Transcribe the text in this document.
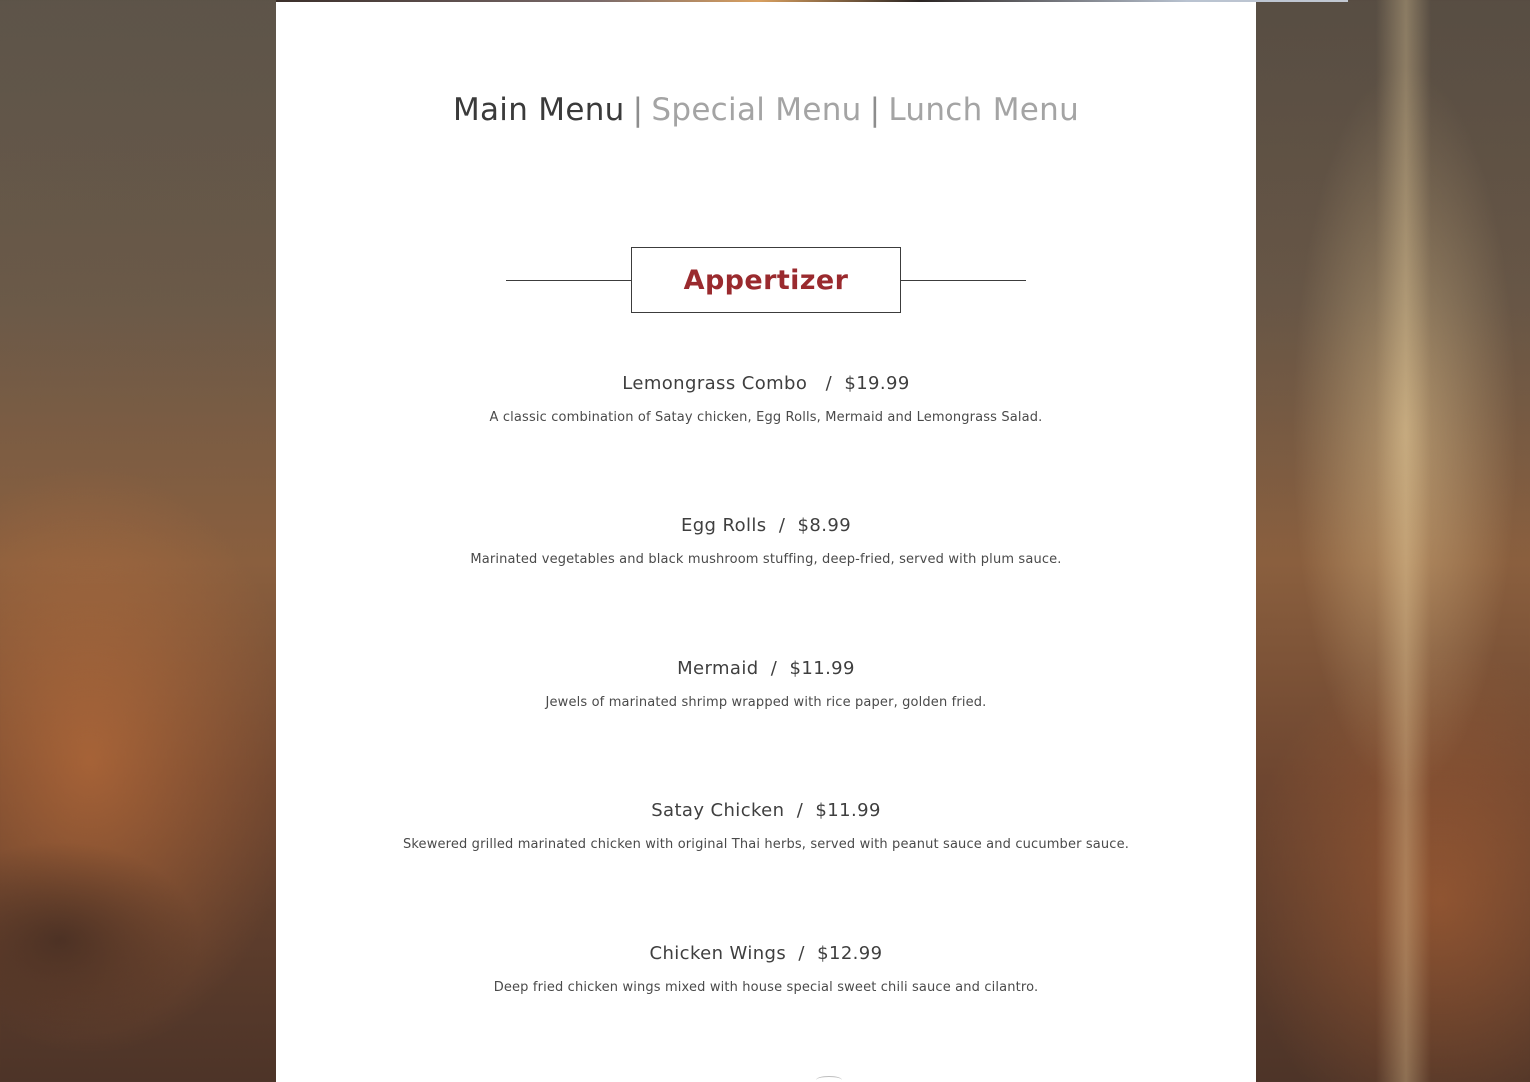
Main Menu | Special Menu | Lunch Menu
Appertizer
Lemongrass Combo   /  $19.99
A classic combination of Satay chicken, Egg Rolls, Mermaid and Lemongrass Salad.
Egg Rolls  /  $8.99
Marinated vegetables and black mushroom stuffing, deep-fried, served with plum sauce.
Mermaid  /  $11.99
Jewels of marinated shrimp wrapped with rice paper, golden fried.
Satay Chicken  /  $11.99
Skewered grilled marinated chicken with original Thai herbs, served with peanut sauce and cucumber sauce.
Chicken Wings  /  $12.99
Deep fried chicken wings mixed with house special sweet chili sauce and cilantro.
